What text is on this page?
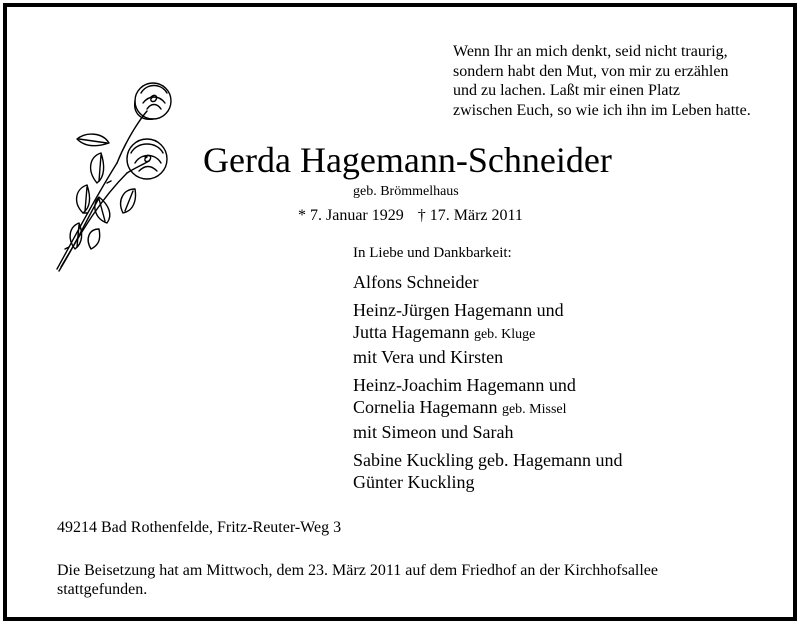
Wenn Ihr an mich denkt, seid nicht traurig,
sondern habt den Mut, von mir zu erzählen
und zu lachen. Laßt mir einen Platz
zwischen Euch, so wie ich ihn im Leben hatte.
Gerda Hagemann-Schneider
geb. Brömmelhaus
* 7. Januar 1929 † 17. März 2011
In Liebe und Dankbarkeit:
Alfons Schneider
Heinz-Jürgen Hagemann und
Jutta Hagemann geb. Kluge
mit Vera und Kirsten
Heinz-Joachim Hagemann und
Cornelia Hagemann geb. Missel
mit Simeon und Sarah
Sabine Kuckling geb. Hagemann und
Günter Kuckling
49214 Bad Rothenfelde, Fritz-Reuter-Weg 3
Die Beisetzung hat am Mittwoch, dem 23. März 2011 auf dem Friedhof an der Kirchhofsallee
stattgefunden.
